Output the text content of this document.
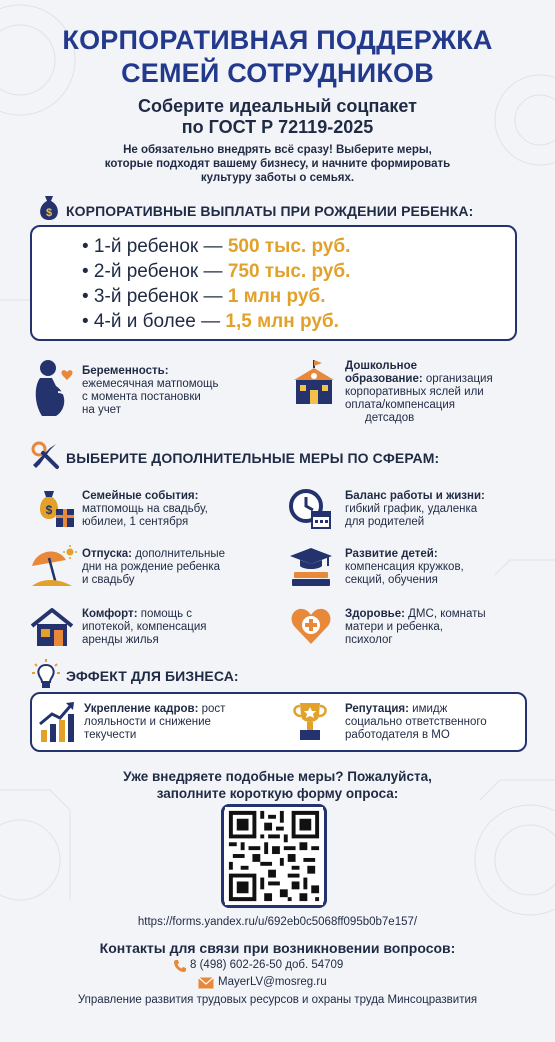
КОРПОРАТИВНАЯ ПОДДЕРЖКА
СЕМЕЙ СОТРУДНИКОВ
Соберите идеальный соцпакет
по ГОСТ Р 72119-2025
Не обязательно внедрять всё сразу! Выберите меры,
которые подходят вашему бизнесу, и начните формировать
культуру заботы о семьях.
$ КОРПОРАТИВНЫЕ ВЫПЛАТЫ ПРИ РОЖДЕНИИ РЕБЕНКА:
• 1-й ребенок — 500 тыс. руб.
• 2-й ребенок — 750 тыс. руб.
• 3-й ребенок — 1 млн руб.
• 4-й и более — 1,5 млн руб.
Беременность:
ежемесячная матпомощь
с момента постановки
на учет
Дошкольное
образование: организация
корпоративных яслей или
оплата/компенсация
детсадов
ВЫБЕРИТЕ ДОПОЛНИТЕЛЬНЫЕ МЕРЫ ПО СФЕРАМ:
$
Семейные события:
матпомощь на свадьбу,
юбилеи, 1 сентября
Баланс работы и жизни:
гибкий график, удаленка
для родителей
Отпуска: дополнительные
дни на рождение ребенка
и свадьбу
Развитие детей:
компенсация кружков,
секций, обучения
Комфорт: помощь с
ипотекой, компенсация
аренды жилья
Здоровье: ДМС, комнаты
матери и ребенка,
психолог
ЭФФЕКТ ДЛЯ БИЗНЕСА:
Укрепление кадров: рост
лояльности и снижение
текучести
Репутация: имидж
социально ответственного
работодателя в МО
Уже внедряете подобные меры? Пожалуйста,
заполните короткую форму опроса:
https://forms.yandex.ru/u/692eb0c5068ff095b0b7e157/
Контакты для связи при возникновении вопросов:
8 (498) 602-26-50 доб. 54709
MayerLV@mosreg.ru
Управление развития трудовых ресурсов и охраны труда Минсоцразвития
